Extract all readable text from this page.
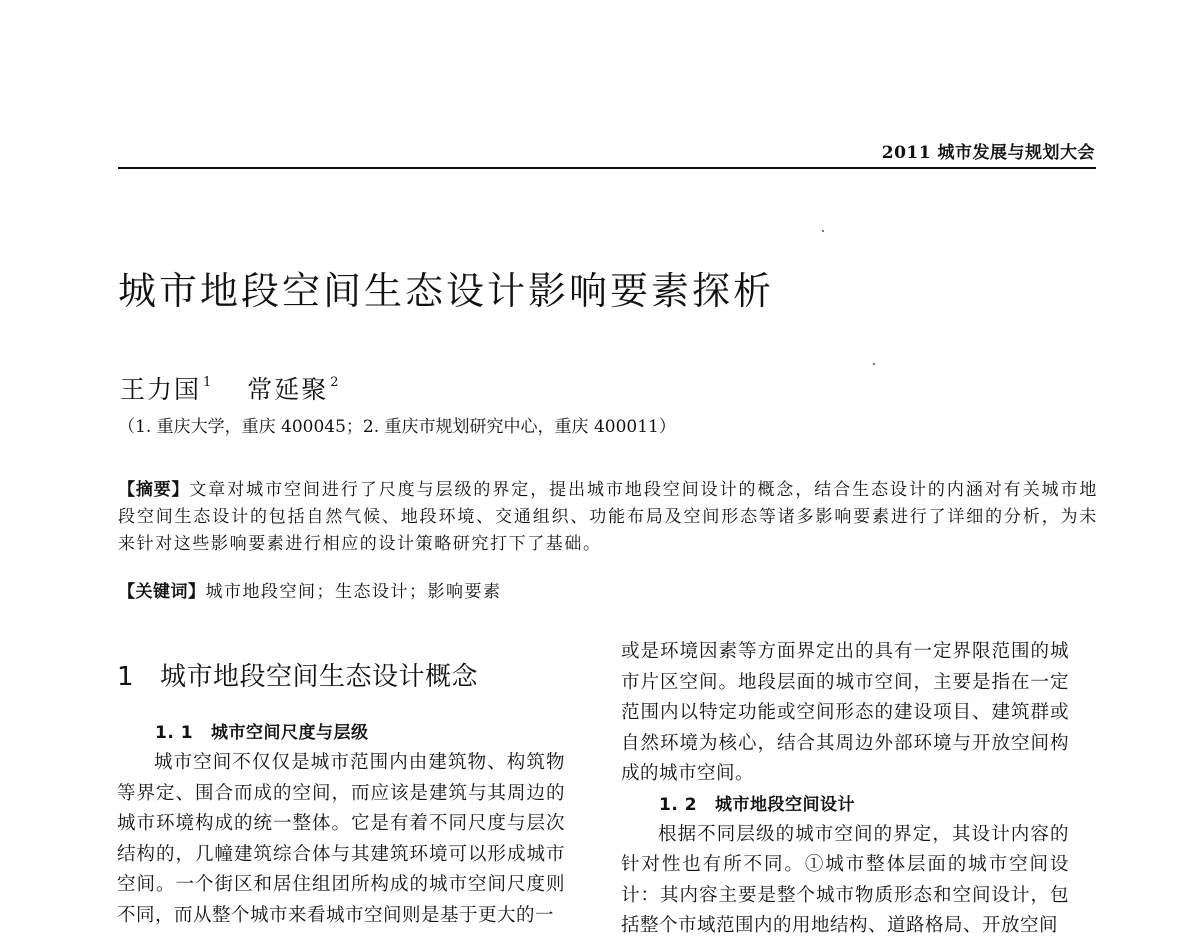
2011 城市发展与规划大会
城市地段空间生态设计影响要素探析
王力国 $^1$ 常延聚 $^2$
（1. 重庆大学，重庆 400045；2. 重庆市规划研究中心，重庆 400011）
【摘要】文章对城市空间进行了尺度与层级的界定，提出城市地段空间设计的概念，结合生态设计的内涵对有关城市地段空间生态设计的包括自然气候、地段环境、交通组织、功能布局及空间形态等诸多影响要素进行了详细的分析，为未来针对这些影响要素进行相应的设计策略研究打下了基础。
【关键词】城市地段空间；生态设计；影响要素
1 城市地段空间生态设计概念
1. 1 城市空间尺度与层级

城市空间不仅仅是城市范围内由建筑物、构筑物等界定、围合而成的空间，而应该是建筑与其周边的城市环境构成的统一整体。它是有着不同尺度与层次结构的，几幢建筑综合体与其建筑环境可以形成城市空间。一个街区和居住组团所构成的城市空间尺度则不同，而从整个城市来看城市空间则是基于更大的一

或是环境因素等方面界定出的具有一定界限范围的城市片区空间。地段层面的城市空间，主要是指在一定范围内以特定功能或空间形态的建设项目、建筑群或自然环境为核心，结合其周边外部环境与开放空间构成的城市空间。

1. 2 城市地段空间设计

根据不同层级的城市空间的界定，其设计内容的针对性也有所不同。①城市整体层面的城市空间设计：其内容主要是整个城市物质形态和空间设计，包括整个市域范围内的用地结构、道路格局、开放空间
